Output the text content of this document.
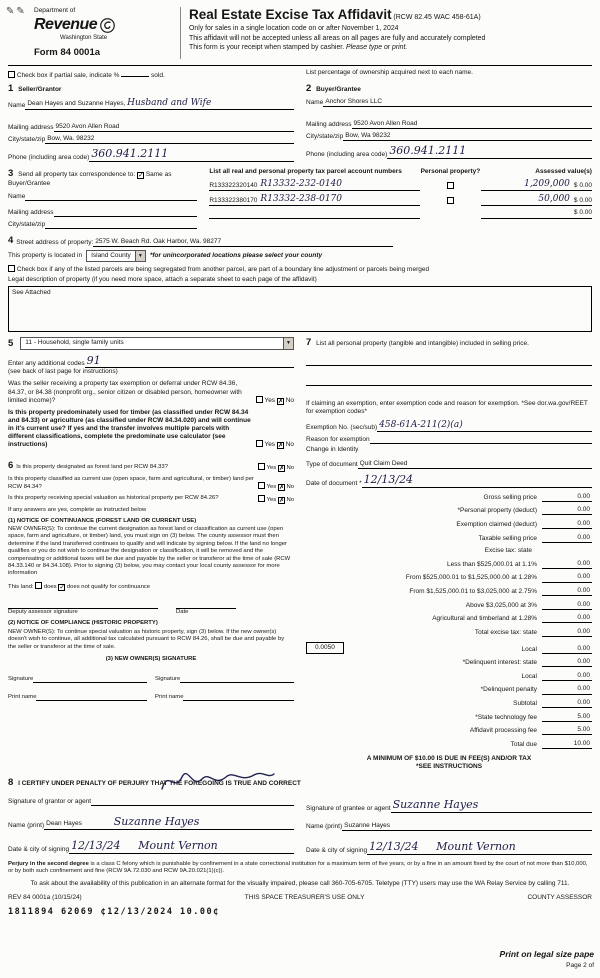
✎✎ Department of
Revenue
Washington State
Form 84 0001a
Real Estate Excise Tax Affidavit (RCW 82.45 WAC 458-61A)
Only for sales in a single location code on or after November 1, 2024
This affidavit will not be accepted unless all areas on all pages are fully and accurately completed
This form is your receipt when stamped by cashier. Please type or print.
Check box if partial sale, indicate %	sold.	List percentage of ownership acquired next to each name.
1 Seller/Grantor
Name Dean Hayes and Suzanne Hayes, Husband and Wife
Mailing address 9520 Avon Allen Road
City/state/zip Bow, Wa. 98232
Phone (including area code) 360.941.2111
2 Buyer/Grantee
Name Anchor Shores LLC
Mailing address 9520 Avon Allen Road
City/state/zip Bow, Wa 98232
Phone (including area code) 360.941.2111
3 Send all property tax correspondence to: ✓ Same as Buyer/Grantee
Name
Mailing address
City/state/zip
List all real and personal property tax parcel account numbers	Personal property?	Assessed value(s)
R133322320140 R13332-232-0140	1,209,000 $ 0.00
R133322380170 R13332-238-0170	50,000 $ 0.00
$ 0.00
4 Street address of property: 2575 W. Beach Rd. Oak Harbor, Wa. 98277
This property is located in	Island County	▼	*for unincorporated locations please select your county
Check box if any of the listed parcels are being segregated from another parcel, are part of a boundary line adjustment or parcels being merged
Legal description of property (if you need more space, attach a separate sheet to each page of the affidavit)
See Attached
5	11 - Household, single family units	▼
Enter any additional codes 91
(see back of last page for instructions)
Was the seller receiving a property tax exemption or deferral under RCW 84.36, 84.37, or 84.38 (nonprofit org., senior citizen or disabled person, homeowner with limited income)?	Yes ✗ No
Is this property predominately used for timber (as classified under RCW 84.34 and 84.33) or agriculture (as classified under RCW 84.34.020) and will continue in it's current use? If yes and the transfer involves multiple parcels with different classifications, complete the predominate use calculator (see instructions)	Yes ✗ No
7 List all personal property (tangible and intangible) included in selling price.

If claiming an exemption, enter exemption code and reason for exemption. *See dor.wa.gov/REET for exemption codes*
Exemption No. (sec/sub) 458-61A-211(2)(a)
Reason for exemption
Change in Identity
6 Is this property designated as forest land per RCW 84.33?	Yes ✗ No
Is this property classified as current use (open space, farm and agricultural, or timber) land per RCW 84.34?	Yes ✗ No
Is this property receiving special valuation as historical property per RCW 84.26?	Yes ✗ No
If any answers are yes, complete as instructed below
(1) NOTICE OF CONTINUANCE (FOREST LAND OR CURRENT USE)
NEW OWNER(S): To continue the current designation as forest land or classification as current use (open space, farm and agriculture, or timber) land, you must sign on (3) below. The county assessor must then determine if the land transferred continues to qualify and will indicate by signing below. If the land no longer qualifies or you do not wish to continue the designation or classification, it will be removed and the compensating or additional taxes will be due and payable by the seller or transferor at the time of sale (RCW 84.33.140 or 84.34.108). Prior to signing (3) below, you may contact your local county assessor for more information
This land: does ✓ does not qualify for continuance
Deputy assessor signature	Date
(2) NOTICE OF COMPLIANCE (HISTORIC PROPERTY)
NEW OWNER(S): To continue special valuation as historic property, sign (3) below. If the new owner(s) doesn't wish to continue, all additional tax calculated pursuant to RCW 84.26, shall be due and payable by the seller or transferor at the time of sale.
(3) NEW OWNER(S) SIGNATURE
Signature	Signature
Print name	Print name
Type of document Quit Claim Deed
Date of document * 12/13/24
Gross selling price	0.00
*Personal property (deduct)	0.00
Exemption claimed (deduct)	0.00
Taxable selling price	0.00
Excise tax: state
Less than $525,000.01 at 1.1%	0.00
From $525,000.01 to $1,525,000.00 at 1.28%	0.00
From $1,525,000.01 to $3,025,000 at 2.75%	0.00
Above $3,025,000 at 3%	0.00
Agricultural and timberland at 1.28%	0.00
Total excise tax: state	0.00
0.0050	Local	0.00
*Delinquent interest: state	0.00
Local	0.00
*Delinquent penalty	0.00
Subtotal	0.00
*State technology fee	5.00
Affidavit processing fee	5.00
Total due	10.00
A MINIMUM OF $10.00 IS DUE IN FEE(S) AND/OR TAX
*SEE INSTRUCTIONS
8 I CERTIFY UNDER PENALTY OF PERJURY THAT THE FOREGOING IS TRUE AND CORRECT
Signature of grantor or agent
Name (print) Dean Hayes	Suzanne Hayes
Date & city of signing 12/13/24 Mount Vernon
Signature of grantee or agent Suzanne Hayes
Name (print) Suzanne Hayes
Date & city of signing 12/13/24 Mount Vernon
Perjury in the second degree is a class C felony which is punishable by confinement in a state correctional institution for a maximum term of five years, or by a fine in an amount fixed by the court of not more than $10,000, or by both such confinement and fine (RCW 9A.72.030 and RCW 9A.20.021(1)(c)).
To ask about the availability of this publication in an alternate format for the visually impaired, please call 360-705-6705. Teletype (TTY) users may use the WA Relay Service by calling 711.
REV 84 0001a (10/15/24)	THIS SPACE TREASURER'S USE ONLY	COUNTY ASSESSOR
1811894 62069 ¢12/13/2024 10.00¢
Print on legal size pape
Page 2 of
